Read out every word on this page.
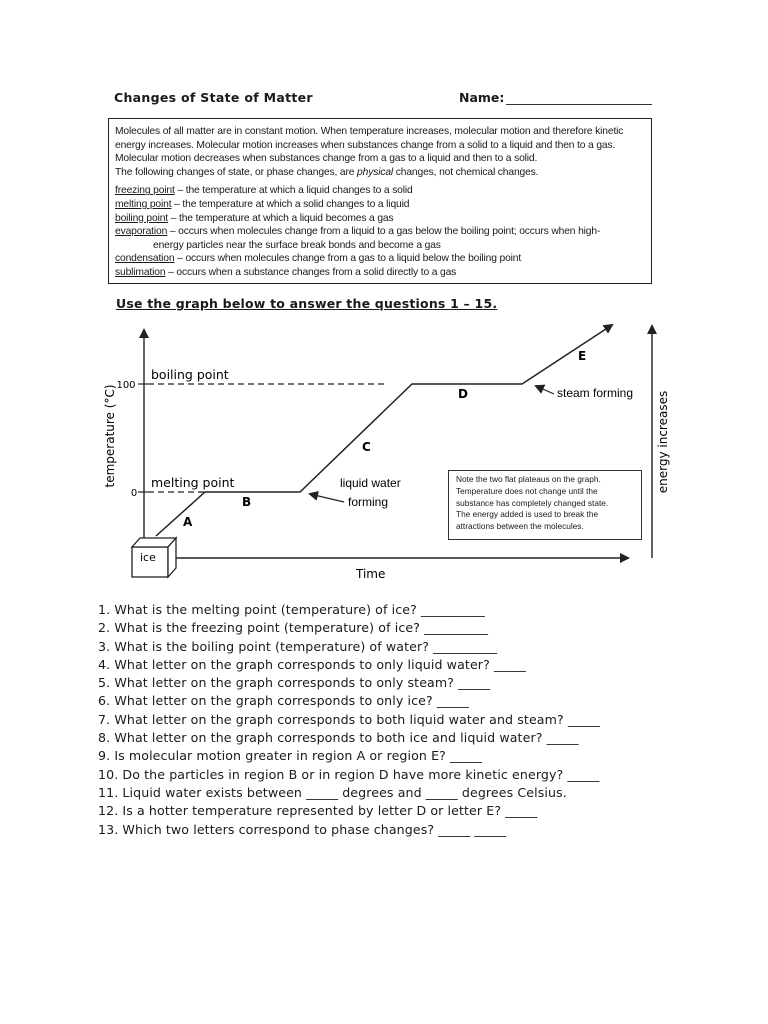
Changes of State of Matter	Name:

Molecules of all matter are in constant motion. When temperature increases, molecular motion and therefore kinetic

energy increases. Molecular motion increases when substances change from a solid to a liquid and then to a gas.

Molecular motion decreases when substances change from a gas to a liquid and then to a solid.

The following changes of state, or phase changes, are physical changes, not chemical changes.

freezing point – the temperature at which a liquid changes to a solid
melting point – the temperature at which a solid changes to a liquid
boiling point – the temperature at which a liquid becomes a gas
evaporation – occurs when molecules change from a liquid to a gas below the boiling point; occurs when high-
energy particles near the surface break bonds and become a gas
condensation – occurs when molecules change from a gas to a liquid below the boiling point
sublimation – occurs when a substance changes from a solid directly to a gas
Use the graph below to answer the questions 1 – 15.
100
0
ice
boiling point
melting point
A
B
C
D
E
liquid water
forming
steam forming
Time
temperature (°C)	energy increases
Note the two flat plateaus on the graph.
Temperature does not change until the
substance has completely changed state.
The energy added is used to break the
attractions between the molecules.
1. What is the melting point (temperature) of ice? __________
2. What is the freezing point (temperature) of ice? __________
3. What is the boiling point (temperature) of water? __________
4. What letter on the graph corresponds to only liquid water? _____
5. What letter on the graph corresponds to only steam? _____
6. What letter on the graph corresponds to only ice? _____
7. What letter on the graph corresponds to both liquid water and steam? _____
8. What letter on the graph corresponds to both ice and liquid water? _____
9. Is molecular motion greater in region A or region E? _____
10. Do the particles in region B or in region D have more kinetic energy? _____
11. Liquid water exists between _____ degrees and _____ degrees Celsius.
12. Is a hotter temperature represented by letter D or letter E? _____
13. Which two letters correspond to phase changes? _____ _____
